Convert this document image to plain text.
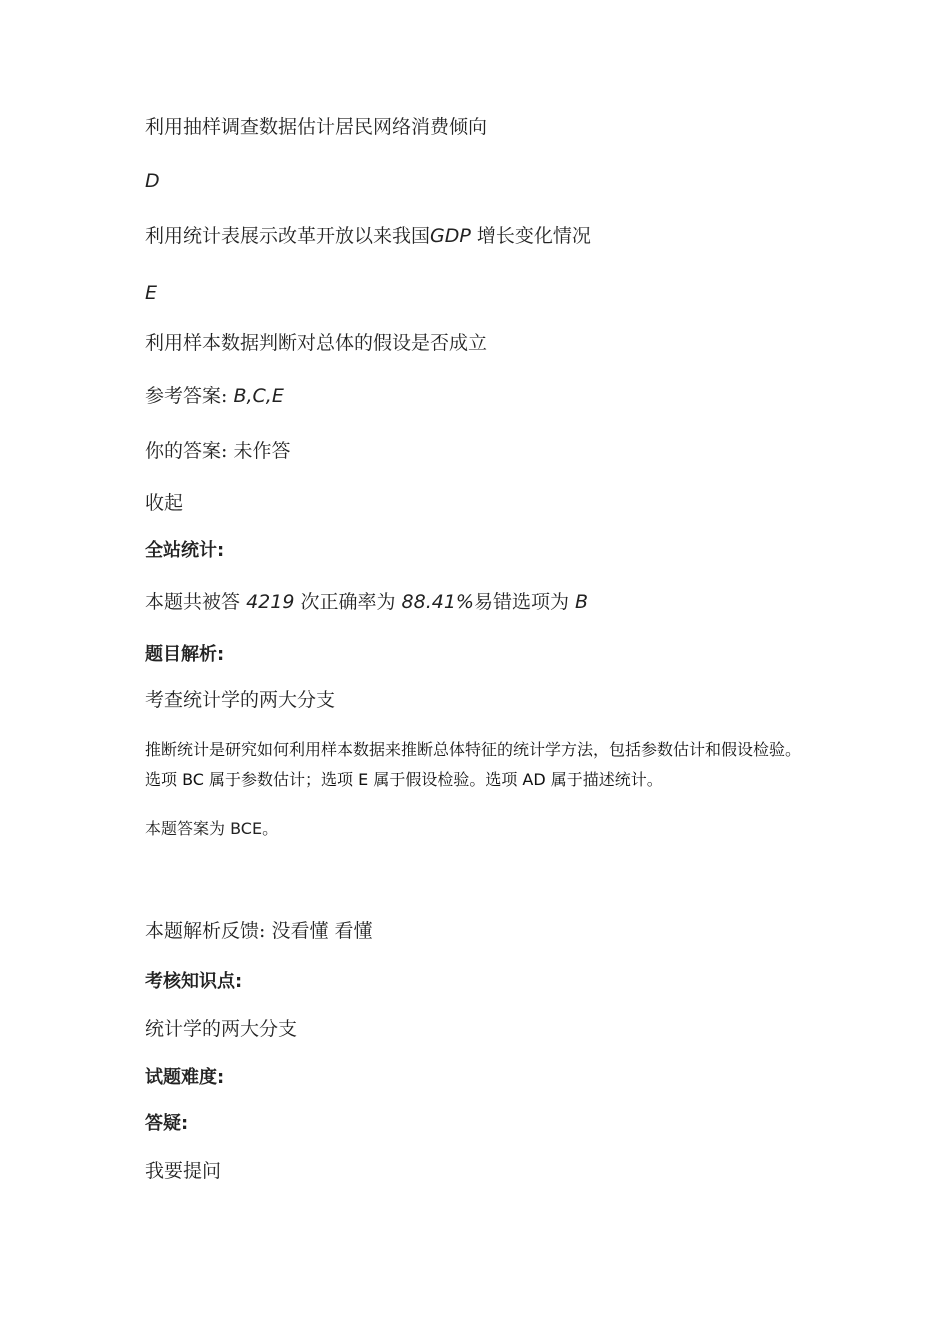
利用抽样调查数据估计居民网络消费倾向
D
利用统计表展示改革开放以来我国GDP 增长变化情况
E
利用样本数据判断对总体的假设是否成立
参考答案: B,C,E
你的答案: 未作答
收起
全站统计:
本题共被答 4219 次正确率为 88.41%易错选项为 B
题目解析:
考查统计学的两大分支
推断统计是研究如何利用样本数据来推断总体特征的统计学方法，包括参数估计和假设检验。选项 BC 属于参数估计；选项 E 属于假设检验。选项 AD 属于描述统计。
本题答案为 BCE。
本题解析反馈: 没看懂 看懂
考核知识点:
统计学的两大分支
试题难度:
答疑:
我要提问
